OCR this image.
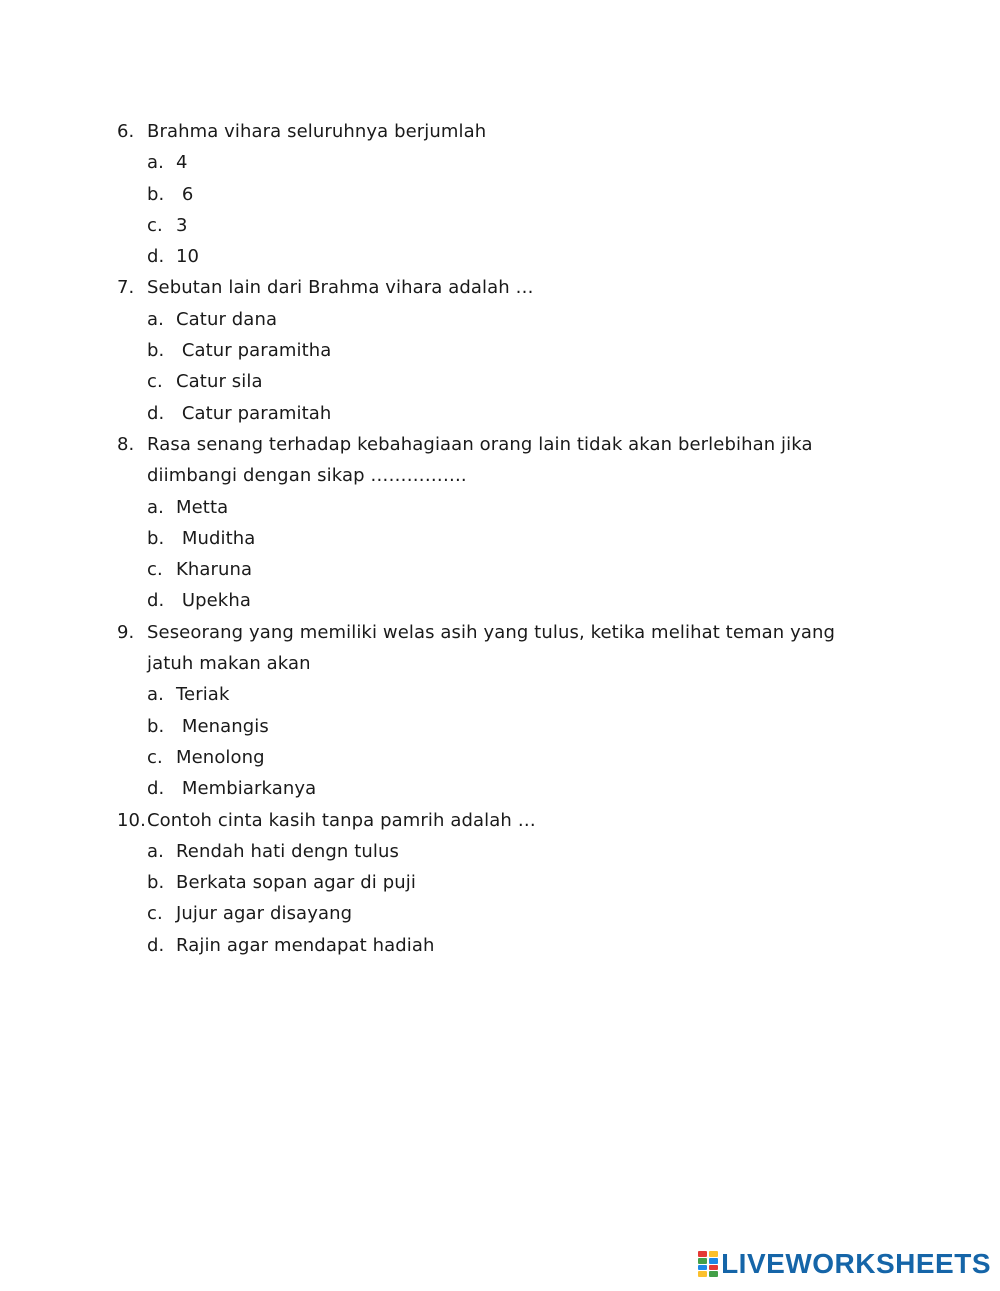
6. Brahma vihara seluruhnya berjumlah
a. 4
b. 6
c. 3
d. 10
7. Sebutan lain dari Brahma vihara adalah …
a. Catur dana
b. Catur paramitha
c. Catur sila
d. Catur paramitah
8. Rasa senang terhadap kebahagiaan orang lain tidak akan berlebihan jika diimbangi dengan sikap …………….
a. Metta
b. Muditha
c. Kharuna
d. Upekha
9. Seseorang yang memiliki welas asih yang tulus, ketika melihat teman yang jatuh makan akan
a. Teriak
b. Menangis
c. Menolong
d. Membiarkanya
10. Contoh cinta kasih tanpa pamrih adalah …
a. Rendah hati dengn tulus
b. Berkata sopan agar di puji
c. Jujur agar disayang
d. Rajin agar mendapat hadiah
LIVEWORKSHEETS
